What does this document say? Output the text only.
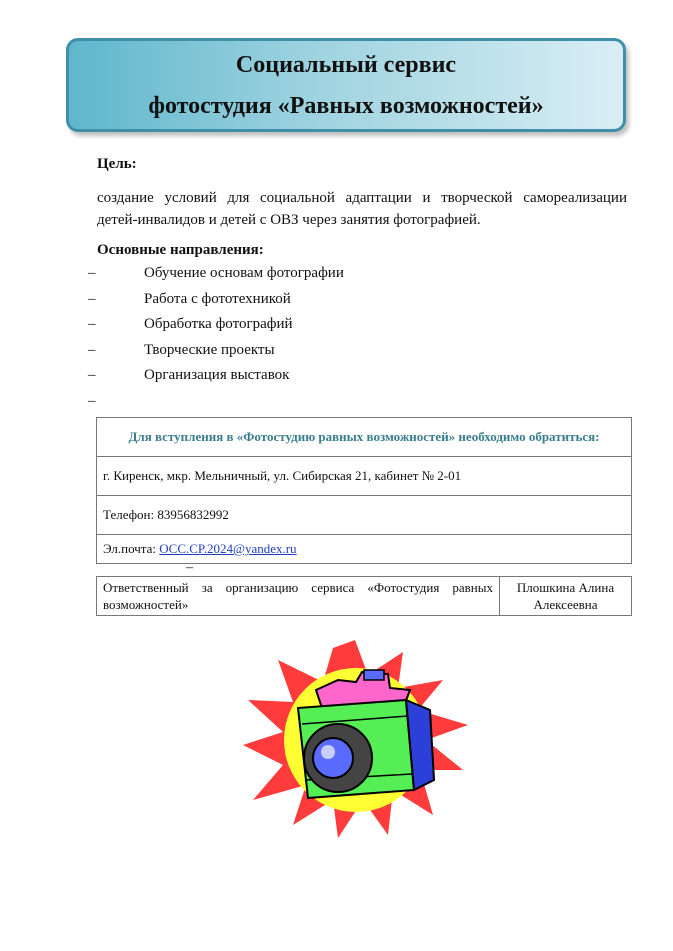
Социальный сервис
фотостудия «Равных возможностей»
Цель:
создание условий для социальной адаптации и творческой самореализации
детей-инвалидов и детей с ОВЗ через занятия фотографией.
Основные направления:
–	Обучение основам фотографии
–	Работа с фототехникой
–	Обработка фотографий
–	Творческие проекты
–	Организация выставок
–
Для вступления в «Фотостудию равных возможностей» необходимо обратиться:
г. Киренск, мкр. Мельничный, ул. Сибирская 21, кабинет № 2-01
Телефон: 83956832992
Эл.почта: OCC.CP.2024@yandex.ru
–
Ответственный за организацию сервиса «Фотостудия равных возможностей»	Плошкина Алина Алексеевна
